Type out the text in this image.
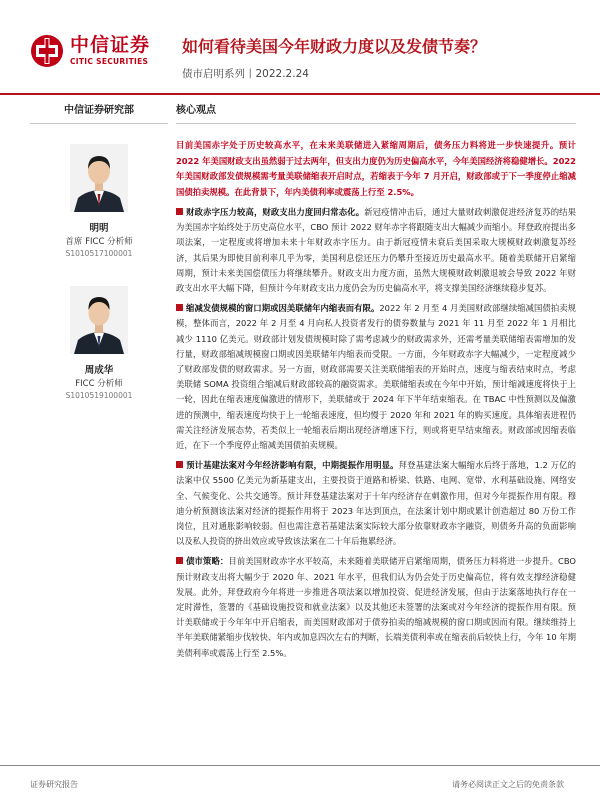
中信证券
CITIC SECURITIES
如何看待美国今年财政力度以及发债节奏？
债市启明系列丨2022.2.24
中信证券研究部
明明
首席 FICC 分析师
S1010517100001
周成华
FICC 分析师
S1010519100001
核心观点
目前美国赤字处于历史较高水平，在未来美联储进入紧缩周期后，债务压力料将进一步快速提升。预计 2022 年美国财政支出虽然弱于过去两年，但支出力度仍为历史偏高水平，今年美国经济将稳健增长。2022 年美国财政部发债规模需考量美联储缩表开启时点，若缩表于今年 7 月开启，财政部或于下一季度停止缩减国债拍卖规模。在此背景下，年内美债利率或震荡上行至 2.5%。
财政赤字压力较高，财政支出力度回归常态化。新冠疫情冲击后，通过大量财政刺激促进经济复苏的结果为美国赤字始终处于历史高位水平，CBO 预计 2022 财年赤字将跟随支出大幅减少而缩小。拜登政府提出多项法案，一定程度或将增加未来十年财政赤字压力。由于新冠疫情未衰后美国采取大规模财政刺激复苏经济，其后果为即使目前利率几乎为零，美国利息偿还压力仍攀升至接近历史最高水平。随着美联储开启紧缩周期，预计未来美国偿债压力将继续攀升。财政支出力度方面，虽然大规模财政刺激退坡会导致 2022 年财政支出水平大幅下降，但预计今年财政支出力度仍会为历史偏高水平，将支撑美国经济继续稳步复苏。
缩减发债规模的窗口期或因美联储年内缩表而有限。2022 年 2 月至 4 月美国财政部继续缩减国债拍卖规模，整体而言，2022 年 2 月至 4 月向私人投资者发行的债券数量与 2021 年 11 月至 2022 年 1 月相比减少 1110 亿美元。财政部计划发债规模时除了需考虑减少的财政需求外，还需考量美联储缩表需增加的发行量，财政部缩减规模窗口期或因美联储年内缩表而受限。一方面，今年财政赤字大幅减少，一定程度减少了财政部发债的财政需求。另一方面，财政部需要关注美联储缩表的开始时点，速度与缩表结束时点，考虑美联储 SOMA 投资组合缩减后财政部较高的融资需求。美联储缩表或在今年中开始，预计缩减速度将快于上一轮，因此在缩表速度偏激进的情形下，美联储或于 2024 年下半年结束缩表。在 TBAC 中性预测以及偏激进的预测中，缩表速度均快于上一轮缩表速度，但均慢于 2020 年和 2021 年的购买速度。具体缩表进程仍需关注经济发展态势，若类似上一轮缩表后期出现经济增速下行，则或将更早结束缩表。财政部或因缩表临近，在下一个季度停止缩减美国债拍卖规模。
预计基建法案对今年经济影响有限，中期提振作用明显。拜登基建法案大幅缩水后终于落地，1.2 万亿的法案中仅 5500 亿美元为新基建支出，主要投资于道路和桥梁、铁路、电网、宽带、水利基础设施、网络安全、气候变化、公共交通等。预计拜登基建法案对于十年内经济存在刺激作用，但对今年提振作用有限。穆迪分析预测该法案对经济的提振作用将于 2023 年达到顶点，在法案计划中期或累计创造超过 80 万份工作岗位，且对通胀影响较弱。但也需注意若基建法案实际较大部分依靠财政赤字融资，则债务升高的负面影响以及私人投资的挤出效应或导致该法案在二十年后拖累经济。
债市策略：目前美国财政赤字水平较高，未来随着美联储开启紧缩周期，债务压力料将进一步提升。CBO 预计财政支出将大幅少于 2020 年、2021 年水平，但我们认为仍会处于历史偏高位，将有效支撑经济稳健发展。此外，拜登政府今年将进一步推进各项法案以增加投资、促进经济发展，但由于法案落地执行存在一定时滞性，签署的《基础设施投资和就业法案》以及其他还未签署的法案或对今年经济的提振作用有限。预计美联储或于今年年中开启缩表，而美国财政部对于债券拍卖的缩减规模的窗口期或因而有限。继续维持上半年美联储紧缩步伐较快、年内或加息四次左右的判断，长端美债利率或在缩表前后较快上行，今年 10 年期美债利率或震荡上行至 2.5%。
证券研究报告	请务必阅读正文之后的免责条款
